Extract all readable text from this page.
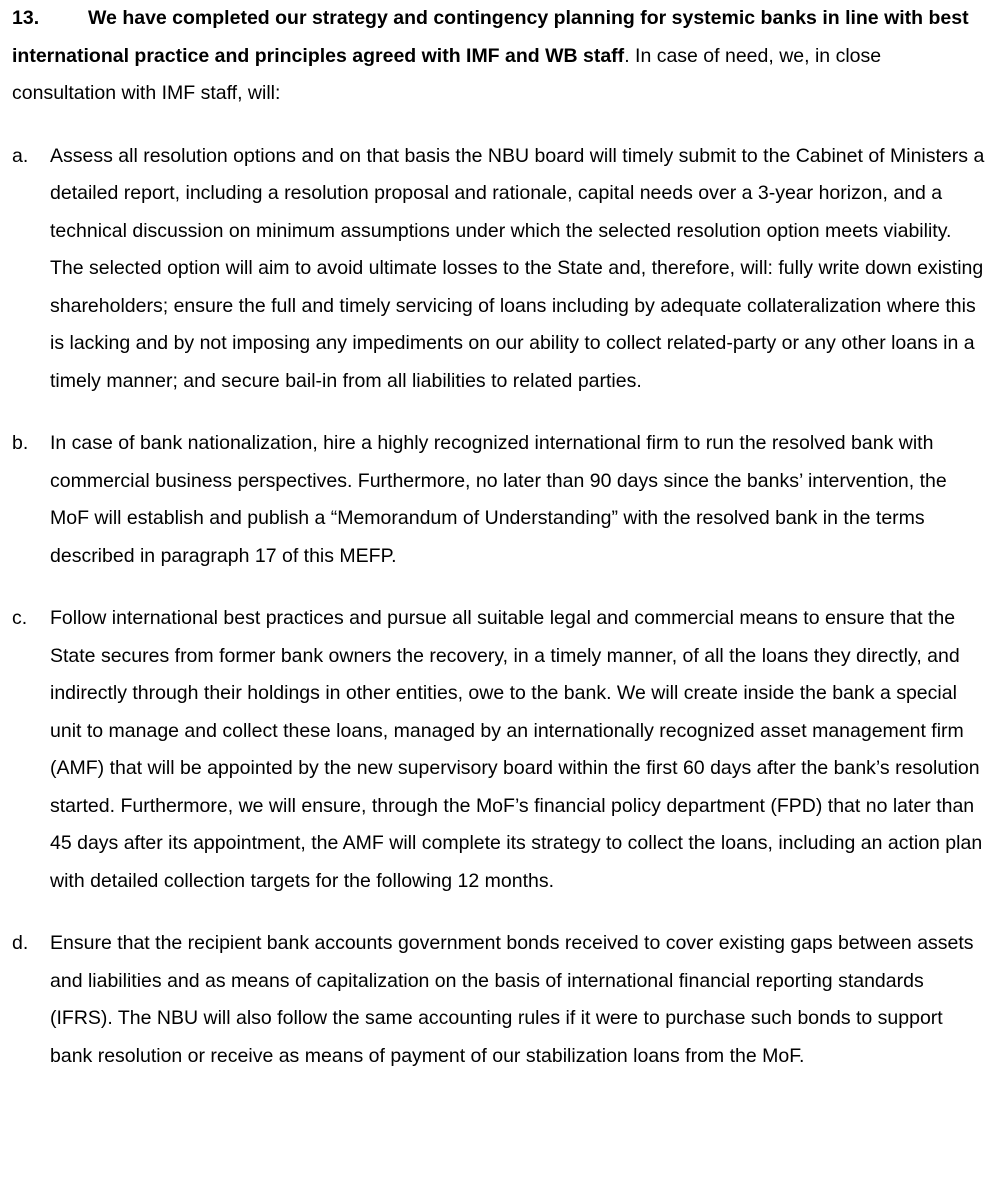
13.	We have completed our strategy and contingency planning for systemic banks in line with best international practice and principles agreed with IMF and WB staff. In case of need, we, in close consultation with IMF staff, will:

a. Assess all resolution options and on that basis the NBU board will timely submit to the Cabinet of Ministers a detailed report, including a resolution proposal and rationale, capital needs over a 3-year horizon, and a technical discussion on minimum assumptions under which the selected resolution option meets viability. The selected option will aim to avoid ultimate losses to the State and, therefore, will: fully write down existing shareholders; ensure the full and timely servicing of loans including by adequate collateralization where this is lacking and by not imposing any impediments on our ability to collect related-party or any other loans in a timely manner; and secure bail-in from all liabilities to related parties.
b. In case of bank nationalization, hire a highly recognized international firm to run the resolved bank with commercial business perspectives. Furthermore, no later than 90 days since the banks’ intervention, the MoF will establish and publish a “Memorandum of Understanding” with the resolved bank in the terms described in paragraph 17 of this MEFP.
c. Follow international best practices and pursue all suitable legal and commercial means to ensure that the State secures from former bank owners the recovery, in a timely manner, of all the loans they directly, and indirectly through their holdings in other entities, owe to the bank. We will create inside the bank a special unit to manage and collect these loans, managed by an internationally recognized asset management firm (AMF) that will be appointed by the new supervisory board within the first 60 days after the bank’s resolution started. Furthermore, we will ensure, through the MoF’s financial policy department (FPD) that no later than 45 days after its appointment, the AMF will complete its strategy to collect the loans, including an action plan with detailed collection targets for the following 12 months.
d. Ensure that the recipient bank accounts government bonds received to cover existing gaps between assets and liabilities and as means of capitalization on the basis of international financial reporting standards (IFRS). The NBU will also follow the same accounting rules if it were to purchase such bonds to support bank resolution or receive as means of payment of our stabilization loans from the MoF.
